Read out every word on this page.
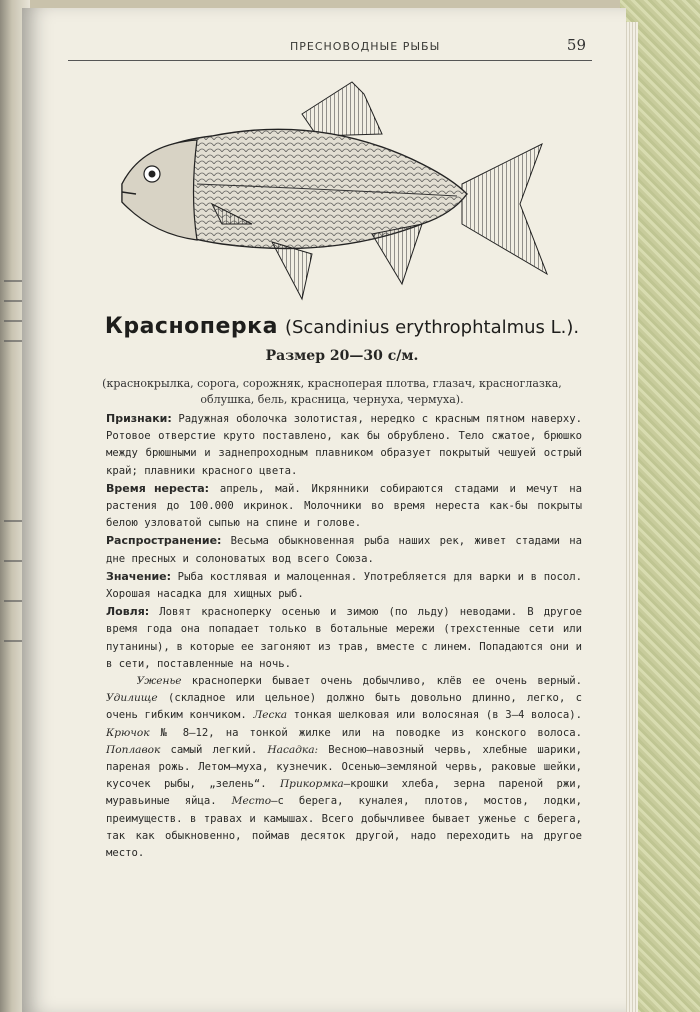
ПРЕСНОВОДНЫЕ РЫБЫ	59
Красноперка (Scandinius erythrophtalmus L.).
Размер 20—30 с/м.
(краснокрылка, сорога, сорожняк, красноперая плотва, глазач, красноглазка, облушка, бель, красница, чернуха, чермуха).

Признаки: Радужная оболочка золотистая, нередко с красным пятном наверху. Ротовое отверстие круто поставлено, как бы обрублено. Тело сжатое, брюшко между брюшными и заднепроходным плавником образует покрытый чешуей острый край; плавники красного цвета.

Время нереста: апрель, май. Икрянники собираются стадами и мечут на растения до 100.000 икринок. Молочники во время нереста как-бы покрыты белою узловатой сыпью на спине и голове.

Распространение: Весьма обыкновенная рыба наших рек, живет стадами на дне пресных и солоноватых вод всего Союза.

Значение: Рыба костлявая и малоценная. Употребляется для варки и в посол. Хорошая насадка для хищных рыб.

Ловля: Ловят красноперку осенью и зимою (по льду) неводами. В другое время года она попадает только в ботальные мережи (трехстенные сети или путанины), в которые ее загоняют из трав, вместе с линем. Попадаются они и в сети, поставленные на ночь.

Уженье красноперки бывает очень добычливо, клёв ее очень верный. Удилище (складное или цельное) должно быть довольно длинно, легко, с очень гибким кончиком. Леска тонкая шелковая или волосяная (в 3—4 волоса). Крючок № 8—12, на тонкой жилке или на поводке из конского волоса. Поплавок самый легкий. Насадка: Весною—навозный червь, хлебные шарики, пареная рожь. Летом—муха, кузнечик. Осенью—земляной червь, раковые шейки, кусочек рыбы, „зелень“. Прикормка—крошки хлеба, зерна пареной ржи, муравьиные яйца. Место—с берега, куналея, плотов, мостов, лодки, преимуществ. в травах и камышах. Всего добычливее бывает уженье с берега, так как обыкновенно, поймав десяток другой, надо переходить на другое место.
